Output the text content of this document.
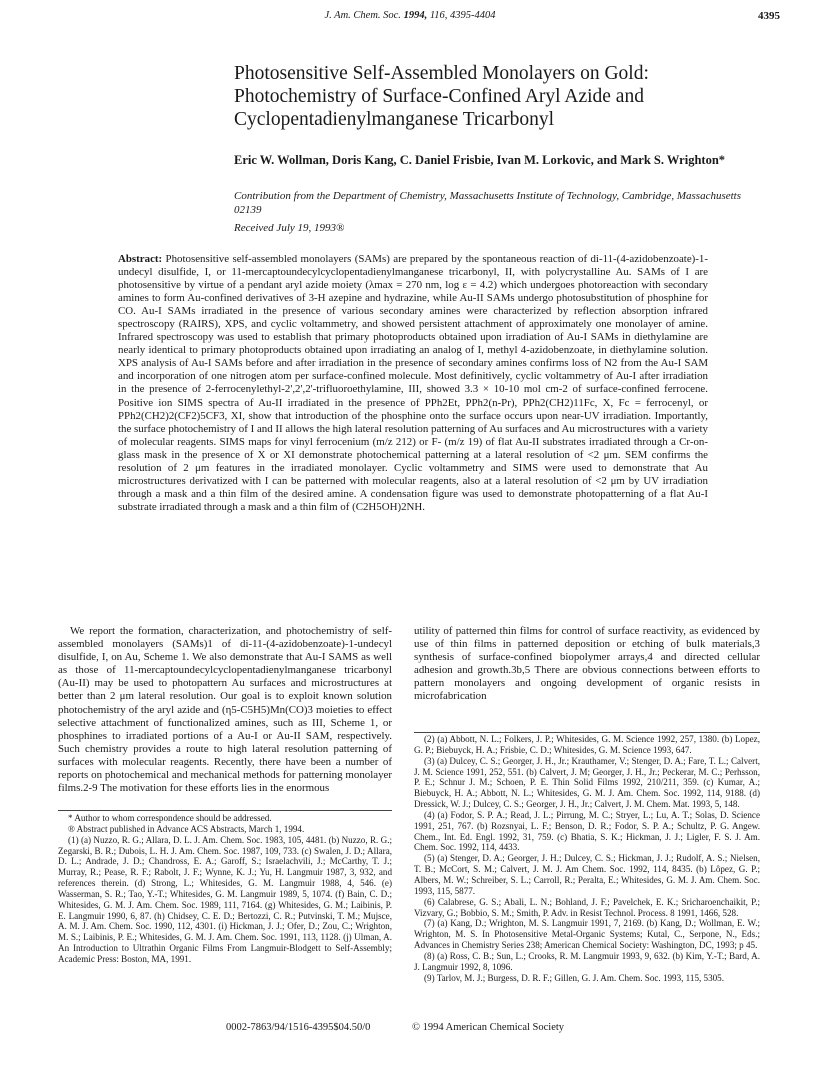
J. Am. Chem. Soc. 1994, 116, 4395-4404	4395
Photosensitive Self-Assembled Monolayers on Gold: Photochemistry of Surface-Confined Aryl Azide and Cyclopentadienylmanganese Tricarbonyl

Eric W. Wollman, Doris Kang, C. Daniel Frisbie, Ivan M. Lorkovic, and Mark S. Wrighton*

Contribution from the Department of Chemistry, Massachusetts Institute of Technology, Cambridge, Massachusetts 02139

Received July 19, 1993®

Abstract: Photosensitive self-assembled monolayers (SAMs) are prepared by the spontaneous reaction of di-11-(4-azidobenzoate)-1-undecyl disulfide, I, or 11-mercaptoundecylcyclopentadienylmanganese tricarbonyl, II, with polycrystalline Au. SAMs of I are photosensitive by virtue of a pendant aryl azide moiety (λmax = 270 nm, log ε = 4.2) which undergoes photoreaction with secondary amines to form Au-confined derivatives of 3-H azepine and hydrazine, while Au-II SAMs undergo photosubstitution of phosphine for CO. Au-I SAMs irradiated in the presence of various secondary amines were characterized by reflection absorption infrared spectroscopy (RAIRS), XPS, and cyclic voltammetry, and showed persistent attachment of approximately one monolayer of amine. Infrared spectroscopy was used to establish that primary photoproducts obtained upon irradiation of Au-I SAMs in diethylamine are nearly identical to primary photoproducts obtained upon irradiating an analog of I, methyl 4-azidobenzoate, in diethylamine solution. XPS analysis of Au-I SAMs before and after irradiation in the presence of secondary amines confirms loss of N2 from the Au-I SAM and incorporation of one nitrogen atom per surface-confined molecule. Most definitively, cyclic voltammetry of Au-I after irradiation in the presence of 2-ferrocenylethyl-2',2',2'-trifluoroethylamine, III, showed 3.3 × 10-10 mol cm-2 of surface-confined ferrocene. Positive ion SIMS spectra of Au-II irradiated in the presence of PPh2Et, PPh2(n-Pr), PPh2(CH2)11Fc, X, Fc = ferrocenyl, or PPh2(CH2)2(CF2)5CF3, XI, show that introduction of the phosphine onto the surface occurs upon near-UV irradiation. Importantly, the surface photochemistry of I and II allows the high lateral resolution patterning of Au surfaces and Au microstructures with a variety of molecular reagents. SIMS maps for vinyl ferrocenium (m/z 212) or F- (m/z 19) of flat Au-II substrates irradiated through a Cr-on-glass mask in the presence of X or XI demonstrate photochemical patterning at a lateral resolution of <2 μm. SEM confirms the resolution of 2 μm features in the irradiated monolayer. Cyclic voltammetry and SIMS were used to demonstrate that Au microstructures derivatized with I can be patterned with molecular reagents, also at a lateral resolution of <2 μm by UV irradiation through a mask and a thin film of the desired amine. A condensation figure was used to demonstrate photopatterning of a flat Au-I substrate irradiated through a mask and a thin film of (C2H5OH)2NH.

We report the formation, characterization, and photochemistry of self-assembled monolayers (SAMs)1 of di-11-(4-azidobenzoate)-1-undecyl disulfide, I, on Au, Scheme 1. We also demonstrate that Au-I SAMS as well as those of 11-mercaptoundecylcyclopentadienylmanganese tricarbonyl (Au-II) may be used to photopattern Au surfaces and microstructures at better than 2 μm lateral resolution. Our goal is to exploit known solution photochemistry of the aryl azide and (η5-C5H5)Mn(CO)3 moieties to effect selective attachment of functionalized amines, such as III, Scheme 1, or phosphines to irradiated portions of a Au-I or Au-II SAM, respectively. Such chemistry provides a route to high lateral resolution patterning of surfaces with molecular reagents. Recently, there have been a number of reports on photochemical and mechanical methods for patterning monolayer films.2-9 The motivation for these efforts lies in the enormous

utility of patterned thin films for control of surface reactivity, as evidenced by use of thin films in patterned deposition or etching of bulk materials,3 synthesis of surface-confined biopolymer arrays,4 and directed cellular adhesion and growth.3b,5 There are obvious connections between efforts to pattern monolayers and ongoing development of organic resists in microfabrication

* Author to whom correspondence should be addressed.

® Abstract published in Advance ACS Abstracts, March 1, 1994.

(1) (a) Nuzzo, R. G.; Allara, D. L. J. Am. Chem. Soc. 1983, 105, 4481. (b) Nuzzo, R. G.; Zegarski, B. R.; Dubois, L. H. J. Am. Chem. Soc. 1987, 109, 733. (c) Swalen, J. D.; Allara, D. L.; Andrade, J. D.; Chandross, E. A.; Garoff, S.; Israelachvili, J.; McCarthy, T. J.; Murray, R.; Pease, R. F.; Rabolt, J. F.; Wynne, K. J.; Yu, H. Langmuir 1987, 3, 932, and references therein. (d) Strong, L.; Whitesides, G. M. Langmuir 1988, 4, 546. (e) Wasserman, S. R.; Tao, Y.-T.; Whitesides, G. M. Langmuir 1989, 5, 1074. (f) Bain, C. D.; Whitesides, G. M. J. Am. Chem. Soc. 1989, 111, 7164. (g) Whitesides, G. M.; Laibinis, P. E. Langmuir 1990, 6, 87. (h) Chidsey, C. E. D.; Bertozzi, C. R.; Putvinski, T. M.; Mujsce, A. M. J. Am. Chem. Soc. 1990, 112, 4301. (i) Hickman, J. J.; Ofer, D.; Zou, C.; Wrighton, M. S.; Laibinis, P. E.; Whitesides, G. M. J. Am. Chem. Soc. 1991, 113, 1128. (j) Ulman, A. An Introduction to Ultrathin Organic Films From Langmuir-Blodgett to Self-Assembly; Academic Press: Boston, MA, 1991.

(2) (a) Abbott, N. L.; Folkers, J. P.; Whitesides, G. M. Science 1992, 257, 1380. (b) Lopez, G. P.; Biebuyck, H. A.; Frisbie, C. D.; Whitesides, G. M. Science 1993, 647.

(3) (a) Dulcey, C. S.; Georger, J. H., Jr.; Krauthamer, V.; Stenger, D. A.; Fare, T. L.; Calvert, J. M. Science 1991, 252, 551. (b) Calvert, J. M; Georger, J. H., Jr.; Peckerar, M. C.; Perhsson, P. E.; Schnur J. M.; Schoen, P. E. Thin Solid Films 1992, 210/211, 359. (c) Kumar, A.; Biebuyck, H. A.; Abbott, N. L.; Whitesides, G. M. J. Am. Chem. Soc. 1992, 114, 9188. (d) Dressick, W. J.; Dulcey, C. S.; Georger, J. H., Jr.; Calvert, J. M. Chem. Mat. 1993, 5, 148.

(4) (a) Fodor, S. P. A.; Read, J. L.; Pirrung, M. C.; Stryer, L.; Lu, A. T.; Solas, D. Science 1991, 251, 767. (b) Rozsnyai, L. F.; Benson, D. R.; Fodor, S. P. A.; Schultz, P. G. Angew. Chem., Int. Ed. Engl. 1992, 31, 759. (c) Bhatia, S. K.; Hickman, J. J.; Ligler, F. S. J. Am. Chem. Soc. 1992, 114, 4433.

(5) (a) Stenger, D. A.; Georger, J. H.; Dulcey, C. S.; Hickman, J. J.; Rudolf, A. S.; Nielsen, T. B.; McCort, S. M.; Calvert, J. M. J. Am Chem. Soc. 1992, 114, 8435. (b) Lôpez, G. P.; Albers, M. W.; Schreiber, S. L.; Carroll, R.; Peralta, E.; Whitesides, G. M. J. Am. Chem. Soc. 1993, 115, 5877.

(6) Calabrese, G. S.; Abali, L. N.; Bohland, J. F.; Pavelchek, E. K.; Sricharoenchaikit, P.; Vizvary, G.; Bobbio, S. M.; Smith, P. Adv. in Resist Technol. Process. 8 1991, 1466, 528.

(7) (a) Kang, D.; Wrighton, M. S. Langmuir 1991, 7, 2169. (b) Kang, D.; Wollman, E. W.; Wrighton, M. S. In Photosensitive Metal-Organic Systems; Kutal, C., Serpone, N., Eds.; Advances in Chemistry Series 238; American Chemical Society: Washington, DC, 1993; p 45.

(8) (a) Ross, C. B.; Sun, L.; Crooks, R. M. Langmuir 1993, 9, 632. (b) Kim, Y.-T.; Bard, A. J. Langmuir 1992, 8, 1096.

(9) Tarlov, M. J.; Burgess, D. R. F.; Gillen, G. J. Am. Chem. Soc. 1993, 115, 5305.

0002-7863/94/1516-4395$04.50/0	© 1994 American Chemical Society
